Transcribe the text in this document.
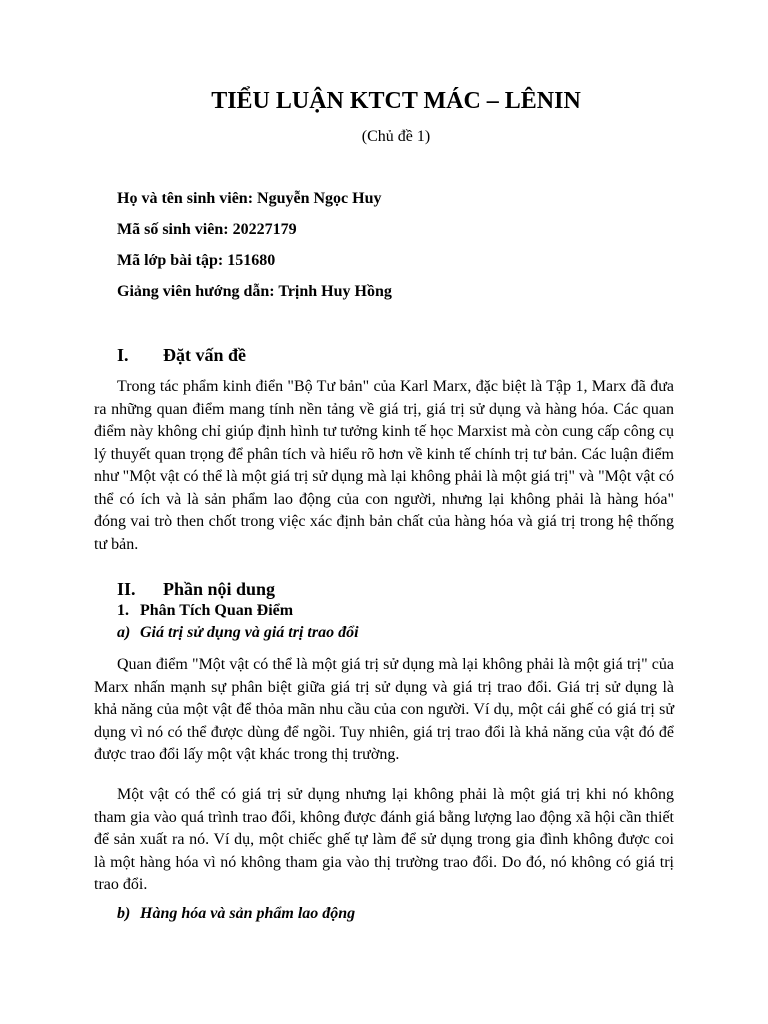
TIỂU LUẬN KTCT MÁC – LÊNIN

(Chủ đề 1)

Họ và tên sinh viên: Nguyễn Ngọc Huy

Mã số sinh viên: 20227179

Mã lớp bài tập: 151680

Giảng viên hướng dẫn: Trịnh Huy Hồng

I. Đặt vấn đề

Trong tác phẩm kinh điển "Bộ Tư bản" của Karl Marx, đặc biệt là Tập 1, Marx đã đưa ra những quan điểm mang tính nền tảng về giá trị, giá trị sử dụng và hàng hóa. Các quan điểm này không chỉ giúp định hình tư tưởng kinh tế học Marxist mà còn cung cấp công cụ lý thuyết quan trọng để phân tích và hiểu rõ hơn về kinh tế chính trị tư bản. Các luận điểm như "Một vật có thể là một giá trị sử dụng mà lại không phải là một giá trị" và "Một vật có thể có ích và là sản phẩm lao động của con người, nhưng lại không phải là hàng hóa" đóng vai trò then chốt trong việc xác định bản chất của hàng hóa và giá trị trong hệ thống tư bản.

II. Phần nội dung
1. Phân Tích Quan Điểm
a) Giá trị sử dụng và giá trị trao đổi

Quan điểm "Một vật có thể là một giá trị sử dụng mà lại không phải là một giá trị" của Marx nhấn mạnh sự phân biệt giữa giá trị sử dụng và giá trị trao đổi. Giá trị sử dụng là khả năng của một vật để thỏa mãn nhu cầu của con người. Ví dụ, một cái ghế có giá trị sử dụng vì nó có thể được dùng để ngồi. Tuy nhiên, giá trị trao đổi là khả năng của vật đó để được trao đổi lấy một vật khác trong thị trường.

Một vật có thể có giá trị sử dụng nhưng lại không phải là một giá trị khi nó không tham gia vào quá trình trao đổi, không được đánh giá bằng lượng lao động xã hội cần thiết để sản xuất ra nó. Ví dụ, một chiếc ghế tự làm để sử dụng trong gia đình không được coi là một hàng hóa vì nó không tham gia vào thị trường trao đổi. Do đó, nó không có giá trị trao đổi.

b) Hàng hóa và sản phẩm lao động
